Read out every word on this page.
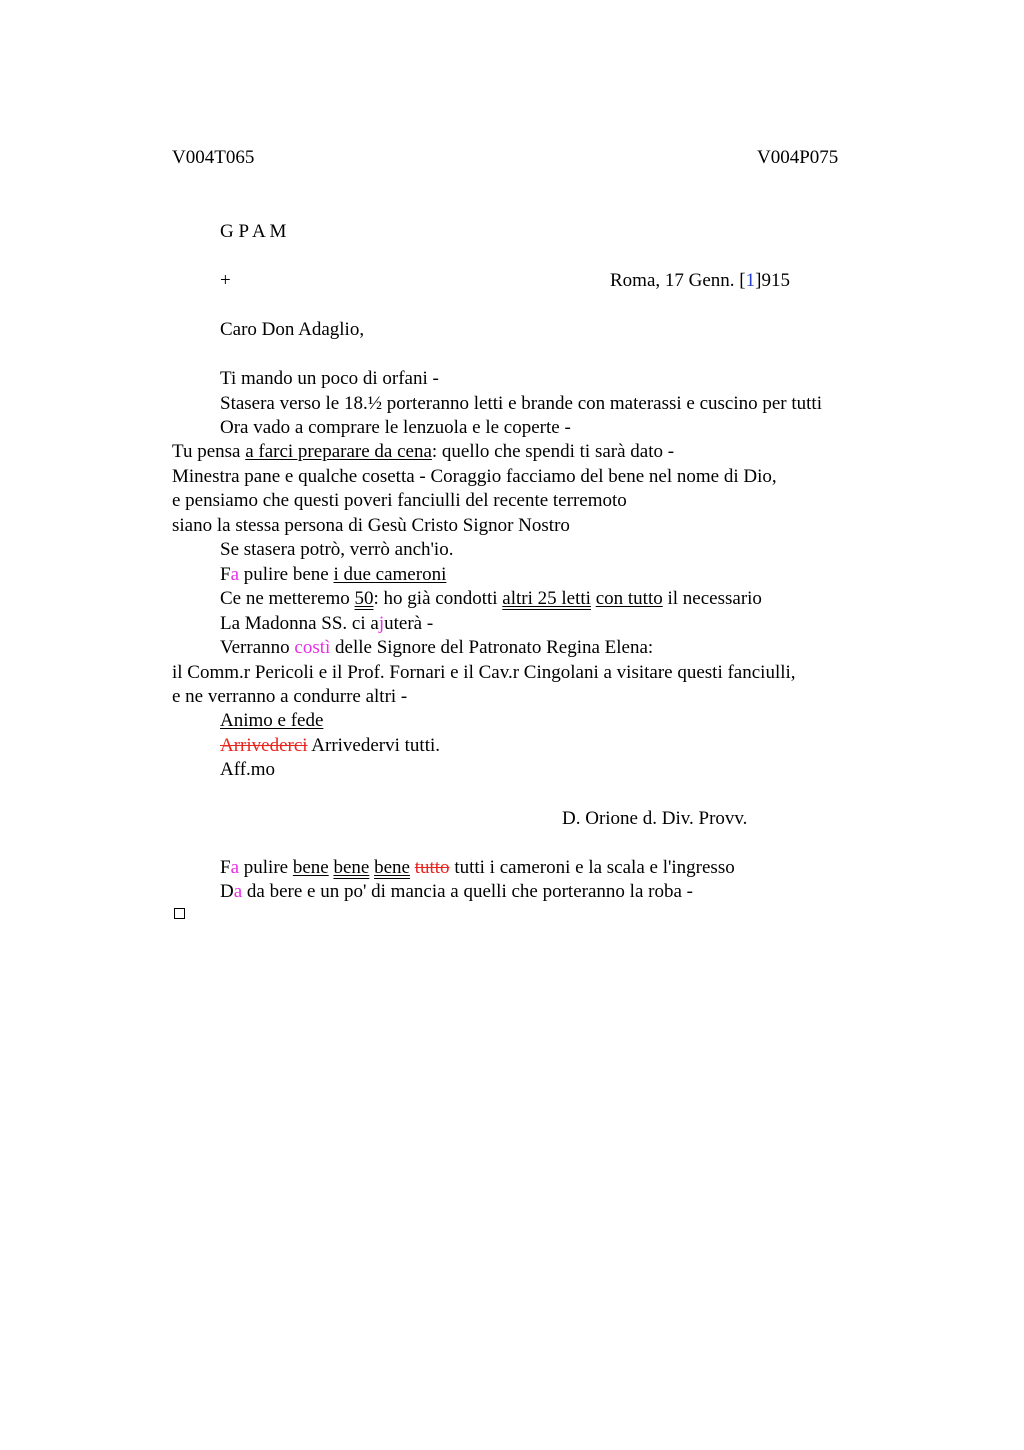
V004T065	V004P075
G P A M
+	Roma, 17 Genn. [1]915
Caro Don Adaglio,
Ti mando un poco di orfani -
Stasera verso le 18.½ porteranno letti e brande con materassi e cuscino per tutti
Ora vado a comprare le lenzuola e le coperte -
Tu pensa a farci preparare da cena: quello che spendi ti sarà dato -
Minestra pane e qualche cosetta - Coraggio facciamo del bene nel nome di Dio,
e pensiamo che questi poveri fanciulli del recente terremoto
siano la stessa persona di Gesù Cristo Signor Nostro
Se stasera potrò, verrò anch'io.
Fa pulire bene i due cameroni
Ce ne metteremo 50: ho già condotti altri 25 letti con tutto il necessario
La Madonna SS. ci ajuterà -
Verranno costì delle Signore del Patronato Regina Elena:
il Comm.r Pericoli e il Prof. Fornari e il Cav.r Cingolani a visitare questi fanciulli,
e ne verranno a condurre altri -
Animo e fede
Arrivederci Arrivedervi tutti.
Aff.mo
D. Orione d. Div. Provv.
Fa pulire bene bene bene tutto tutti i cameroni e la scala e l'ingresso
Da da bere e un po' di mancia a quelli che porteranno la roba -
